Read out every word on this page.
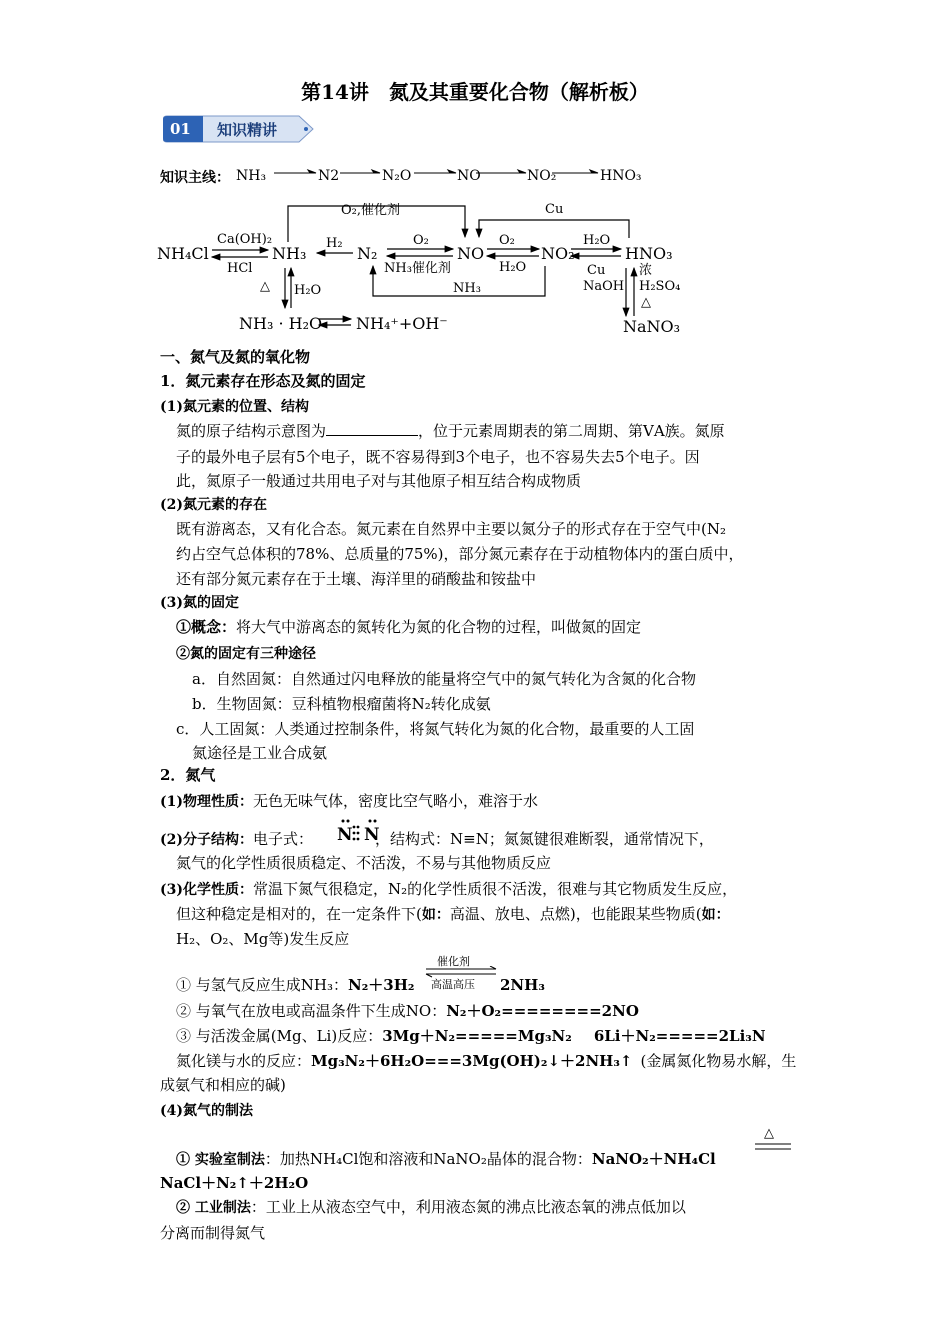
第14讲　氮及其重要化合物（解析板）
01 知识精讲
知识主线： NH₃	N2	N₂O	NO	NO₂	HNO₃
NH₄Cl	NH₃	N₂	NO	NO₂	HNO₃
NH₃ · H₂O NH₄⁺+OH⁻	NaNO₃
Ca(OH)₂
HCl
H₂	O₂
NH₃催化剂
O₂
H₂O
H₂O
Cu
NaOH
O₂,催化剂	Cu
NH₃
△ H₂O
浓
H₂SO₄
△
一、氮气及氮的氧化物
1．氮元素存在形态及氮的固定
(1)氮元素的位置、结构
氮的原子结构示意图为	，位于元素周期表的第二周期、第ⅤA族。氮原
子的最外电子层有5个电子，既不容易得到3个电子，也不容易失去5个电子。因
此，氮原子一般通过共用电子对与其他原子相互结合构成物质
(2)氮元素的存在
既有游离态，又有化合态。氮元素在自然界中主要以氮分子的形式存在于空气中(N₂
约占空气总体积的78%、总质量的75%)，部分氮元素存在于动植物体内的蛋白质中，
还有部分氮元素存在于土壤、海洋里的硝酸盐和铵盐中
(3)氮的固定
①概念：将大气中游离态的氮转化为氮的化合物的过程，叫做氮的固定
②氮的固定有三种途径
a．自然固氮：自然通过闪电释放的能量将空气中的氮气转化为含氮的化合物
b．生物固氮：豆科植物根瘤菌将N₂转化成氨
c．人工固氮：人类通过控制条件，将氮气转化为氮的化合物，最重要的人工固
氮途径是工业合成氨
2．氮气
(1)物理性质：无色无味气体，密度比空气略小，难溶于水
(2)分子结构：电子式：	，结构式：N≡N；氮氮键很难断裂，通常情况下，
N N
氮气的化学性质很质稳定、不活泼，不易与其他物质反应
(3)化学性质：常温下氮气很稳定，N₂的化学性质很不活泼，很难与其它物质发生反应，
但这种稳定是相对的，在一定条件下(如：高温、放电、点燃)，也能跟某些物质(如：
H₂、O₂、Mg等)发生反应
① 与氢气反应生成NH₃：N₂＋3H₂
催化剂
高温高压 2NH₃
② 与氧气在放电或高温条件下生成NO：N₂＋O₂========2NO
③ 与活泼金属(Mg、Li)反应：3Mg＋N₂=====Mg₃N₂ 6Li＋N₂=====2Li₃N
氮化镁与水的反应：Mg₃N₂＋6H₂O===3Mg(OH)₂↓＋2NH₃↑ (金属氮化物易水解，生
成氨气和相应的碱)
(4)氮气的制法
① 实验室制法：加热NH₄Cl饱和溶液和NaNO₂晶体的混合物：NaNO₂＋NH₄Cl
△
NaCl＋N₂↑＋2H₂O
② 工业制法：工业上从液态空气中，利用液态氮的沸点比液态氧的沸点低加以
分离而制得氮气
